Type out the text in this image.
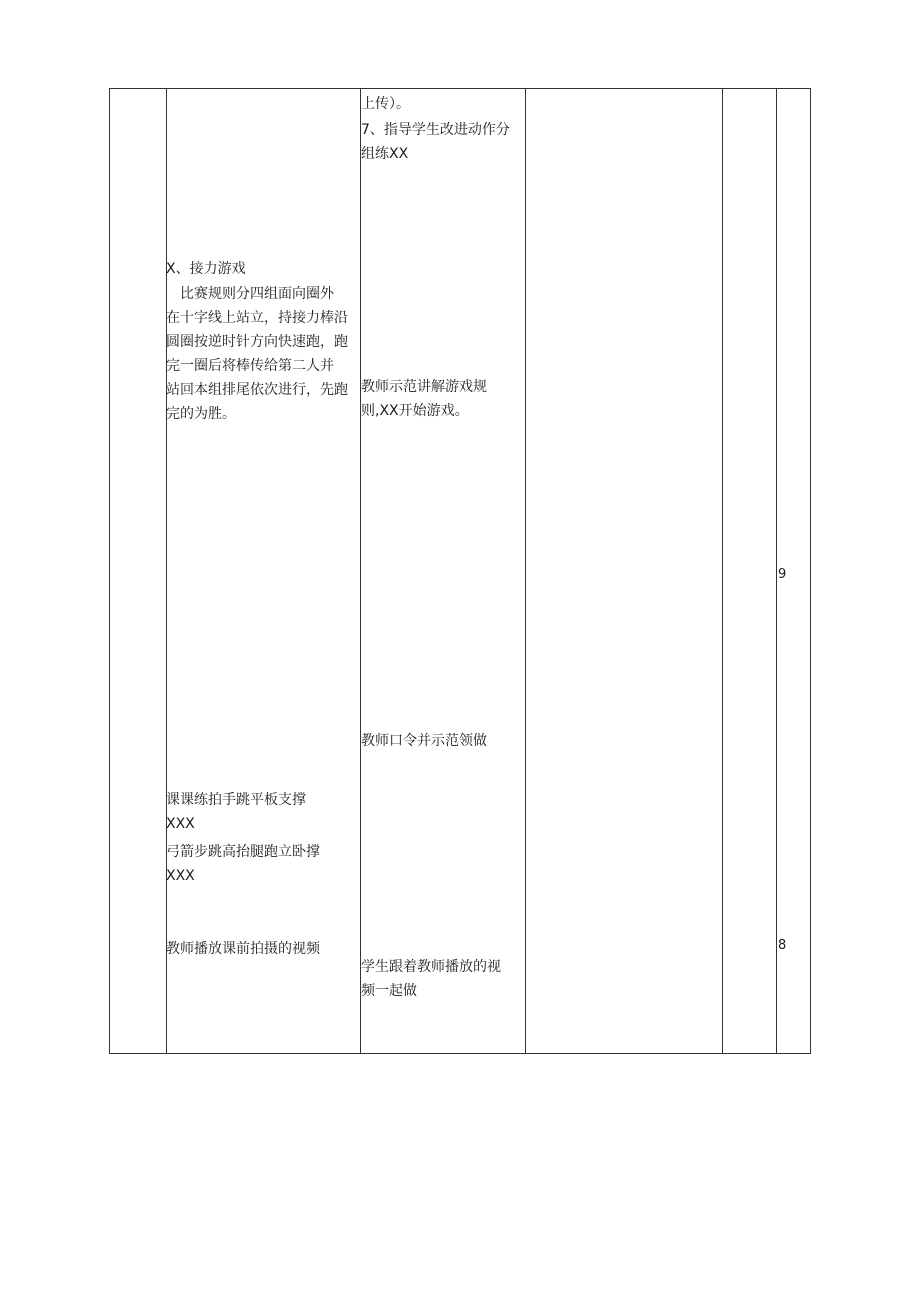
X、接力游戏

　比赛规则分四组面向圈外
在十字线上站立，持接力棒沿
圆圈按逆时针方向快速跑，跑
完一圈后将棒传给第二人并
站回本组排尾依次进行，先跑
完的为胜。

课课练拍手跳平板支撑
XXX

弓箭步跳高抬腿跑立卧撑
XXX

教师播放课前拍摄的视频

上传）。

7、指导学生改进动作分
组练XX

教师示范讲解游戏规
则,XX开始游戏。

教师口令并示范领做

学生跟着教师播放的视
频一起做

9
8
